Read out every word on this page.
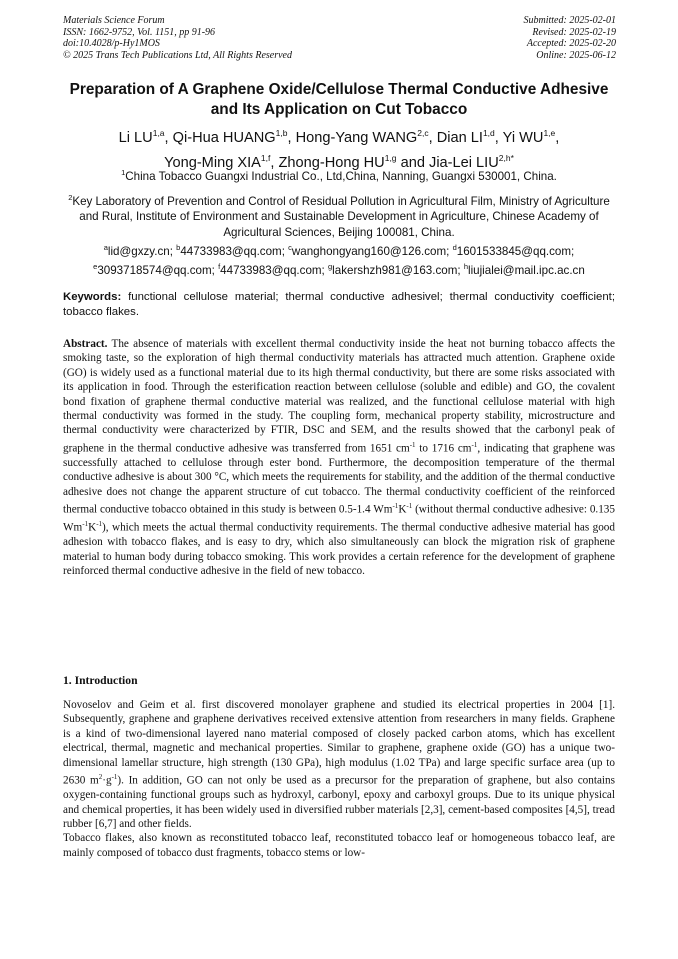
Materials Science Forum
ISSN: 1662-9752, Vol. 1151, pp 91-96
doi:10.4028/p-Hy1MOS
© 2025 Trans Tech Publications Ltd, All Rights Reserved
Submitted: 2025-02-01
Revised: 2025-02-19
Accepted: 2025-02-20
Online: 2025-06-12
Preparation of A Graphene Oxide/Cellulose Thermal Conductive Adhesive and Its Application on Cut Tobacco
Li LU$^{1,a}$, Qi-Hua HUANG$^{1,b}$, Hong-Yang WANG$^{2,c}$, Dian LI$^{1,d}$, Yi WU$^{1,e}$,
Yong-Ming XIA$^{1,f}$, Zhong-Hong HU$^{1,g}$ and Jia-Lei $LIU^{2,h*}$
$^1$China Tobacco Guangxi Industrial Co., Ltd,China, Nanning, Guangxi 530001, China.
$^2$Key Laboratory of Prevention and Control of Residual Pollution in Agricultural Film, Ministry of Agriculture and Rural, Institute of Environment and Sustainable Development in Agriculture, Chinese Academy of Agricultural Sciences, Beijing 100081, China.
$^a$lid@gxzy.cn; $^b$44733983@qq.com; $^c$wanghongyang160@126.com; $^d$1601533845@qq.com;
$^e$3093718574@qq.com; $^f$44733983@qq.com; $^g$lakershzh981@163.com; $^h$liujialei@mail.ipc.ac.cn
Keywords: functional cellulose material; thermal conductive adhesivel; thermal conductivity coefficient; tobacco flakes.
Abstract. The absence of materials with excellent thermal conductivity inside the heat not burning tobacco affects the smoking taste, so the exploration of high thermal conductivity materials has attracted much attention. Graphene oxide (GO) is widely used as a functional material due to its high thermal conductivity, but there are some risks associated with its application in food. Through the esterification reaction between cellulose (soluble and edible) and GO, the covalent bond fixation of graphene thermal conductive material was realized, and the functional cellulose material with high thermal conductivity was formed in the study. The coupling form, mechanical property stability, microstructure and thermal conductivity were characterized by FTIR, DSC and SEM, and the results showed that the carbonyl peak of graphene in the thermal conductive adhesive was transferred from 1651 $cm^{-1}$ to 1716 $cm^{-1}$, indicating that graphene was successfully attached to cellulose through ester bond. Furthermore, the decomposition temperature of the thermal conductive adhesive is about 300 °C, which meets the requirements for stability, and the addition of the thermal conductive adhesive does not change the apparent structure of cut tobacco. The thermal conductivity coefficient of the reinforced thermal conductive tobacco obtained in this study is between 0.5-1.4 $Wm^{-1}K^{-1}$ (without thermal conductive adhesive: 0.135 $Wm^{-1}K^{-1}$), which meets the actual thermal conductivity requirements. The thermal conductive adhesive material has good adhesion with tobacco flakes, and is easy to dry, which also simultaneously can block the migration risk of graphene material to human body during tobacco smoking. This work provides a certain reference for the development of graphene reinforced thermal conductive adhesive in the field of new tobacco.
1. Introduction

Novoselov and Geim et al. first discovered monolayer graphene and studied its electrical properties in 2004 [1]. Subsequently, graphene and graphene derivatives received extensive attention from researchers in many fields. Graphene is a kind of two-dimensional layered nano material composed of closely packed carbon atoms, which has excellent electrical, thermal, magnetic and mechanical properties. Similar to graphene, graphene oxide (GO) has a unique two-dimensional lamellar structure, high strength (130 GPa), high modulus (1.02 TPa) and large specific surface area (up to 2630 $m^2\cdot g^{-1}$). In addition, GO can not only be used as a precursor for the preparation of graphene, but also contains oxygen-containing functional groups such as hydroxyl, carbonyl, epoxy and carboxyl groups. Due to its unique physical and chemical properties, it has been widely used in diversified rubber materials [2,3], cement-based composites [4,5], tread rubber [6,7] and other fields.

Tobacco flakes, also known as reconstituted tobacco leaf, reconstituted tobacco leaf or homogeneous tobacco leaf, are mainly composed of tobacco dust fragments, tobacco stems or low-
